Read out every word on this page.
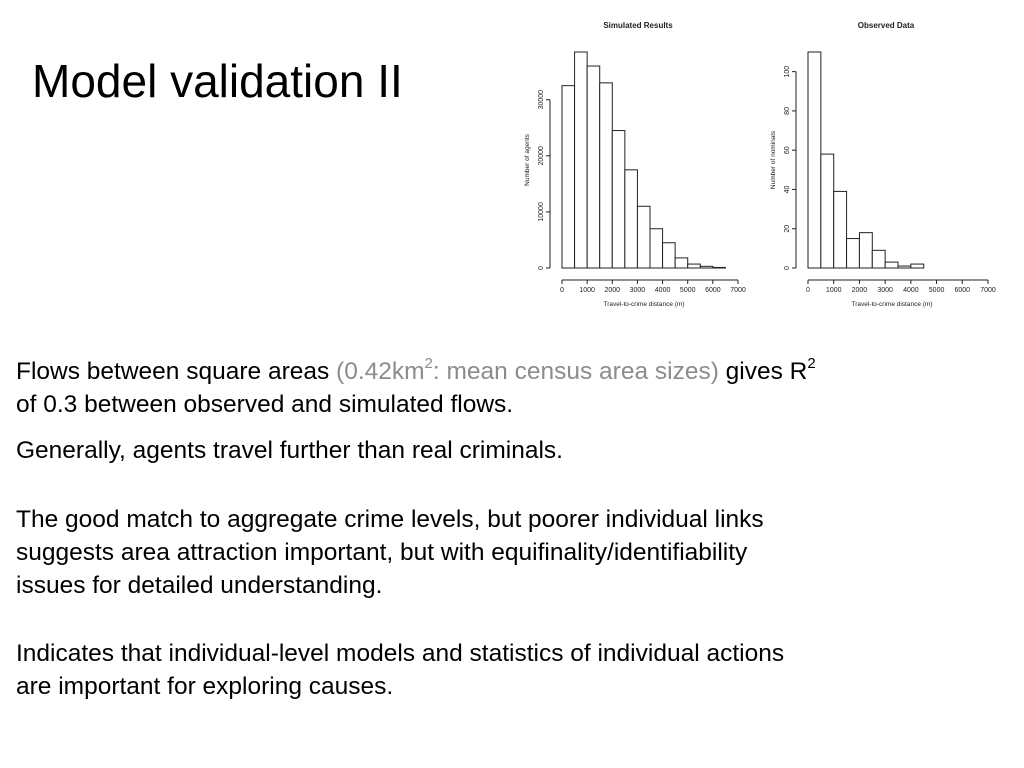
Model validation II
Simulated Results
0 1000 2000 3000 4000 5000 6000 7000
0
10000
20000
30000
Travel-to-crime distance (m)
Number of agents
Observed Data
0 1000 2000 3000 4000 5000 6000 7000
0
20
40
60
80
100
Travel-to-crime distance (m)
Number of nominals

Flows between square areas ($0.42km^2$: mean census area sizes) gives $R^2$
of 0.3 between observed and simulated flows.

Generally, agents travel further than real criminals.

The good match to aggregate crime levels, but poorer individual links
suggests area attraction important, but with equifinality/identifiability
issues for detailed understanding.

Indicates that individual-level models and statistics of individual actions
are important for exploring causes.
